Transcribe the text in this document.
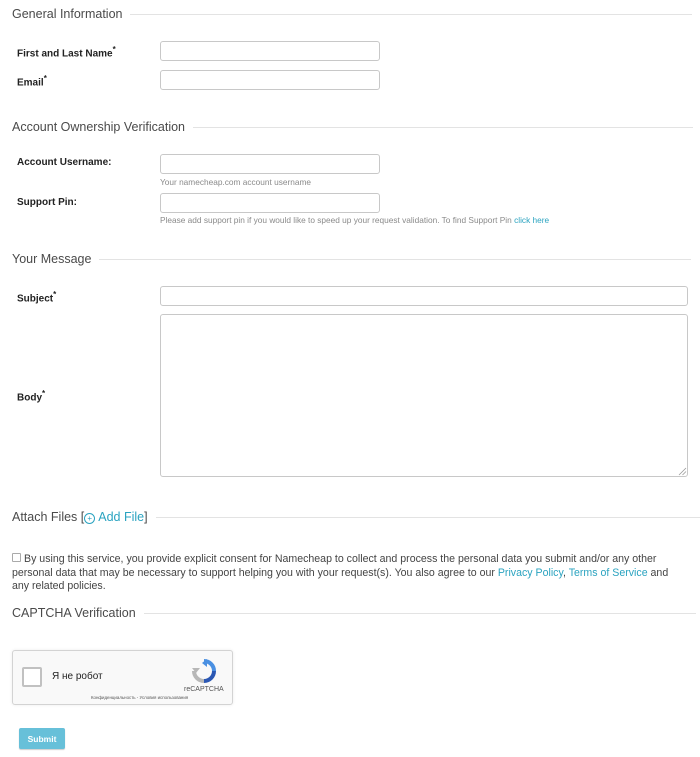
General Information
First and Last Name*
Email*
Account Ownership Verification
Account Username:
Your namecheap.com account username
Support Pin:
Please add support pin if you would like to speed up your request validation. To find Support Pin click here
Your Message
Subject*
Body*
Attach Files [ + Add File]
By using this service, you provide explicit consent for Namecheap to collect and process the personal data you submit and/or any other personal data that may be necessary to support helping you with your request(s). You also agree to our Privacy Policy, Terms of Service and any related policies.
CAPTCHA Verification
Я не робот
reCAPTCHA
Конфиденциальность - Условия использования
Submit
